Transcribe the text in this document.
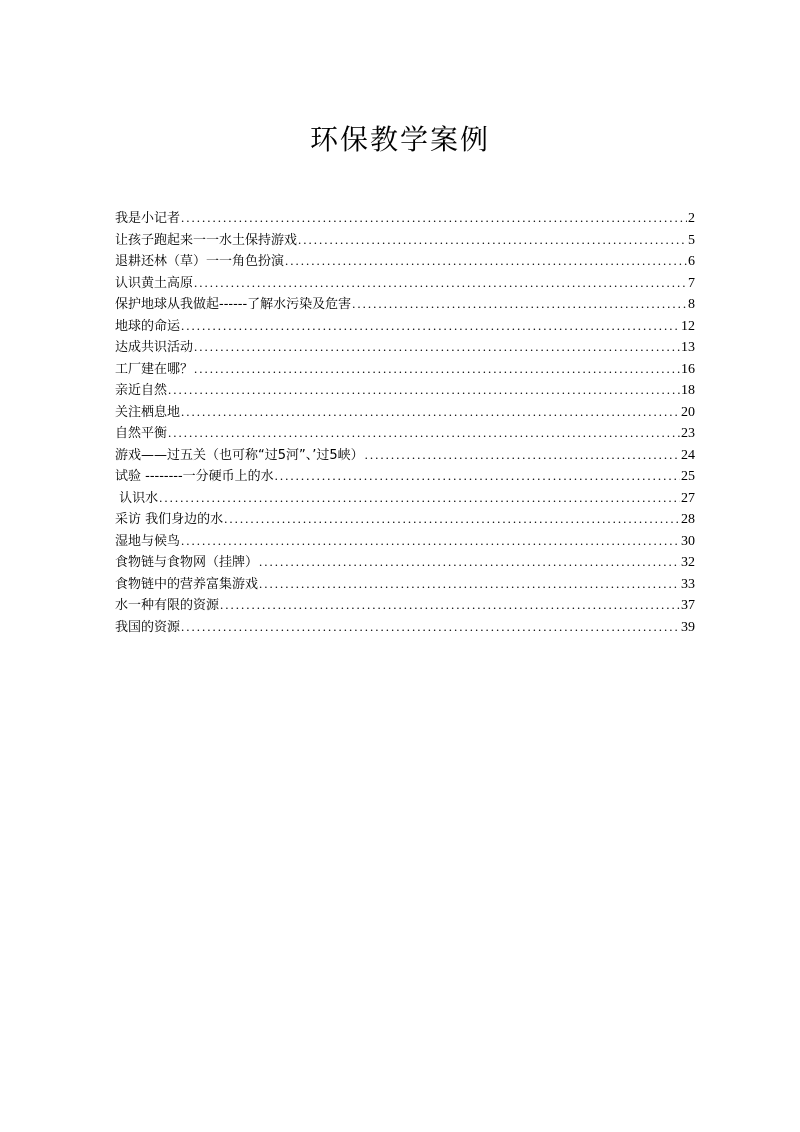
环保教学案例
我是小记者 .....	2
让孩子跑起来一一水土保持游戏 .....	5
退耕还林（草）一一角色扮演 .....	6
认识黄土高原 .....	7
保护地球从我做起------了解水污染及危害 .....	8
地球的命运 .....	12
达成共识活动 .....	13
工厂建在哪？ .....	16
亲近自然 .....	18
关注栖息地 .....	20
自然平衡 .....	23
游戏——过五关（也可称“过5河”、’过5峡） .....	24
试验 --------一分硬币上的水 .....	25
认识水 .....	27
采访 我们身边的水 .....	28
湿地与候鸟 .....	30
食物链与食物网（挂牌） .....	32
食物链中的营养富集游戏 .....	33
水一种有限的资源 .....	37
我国的资源 .....	39
